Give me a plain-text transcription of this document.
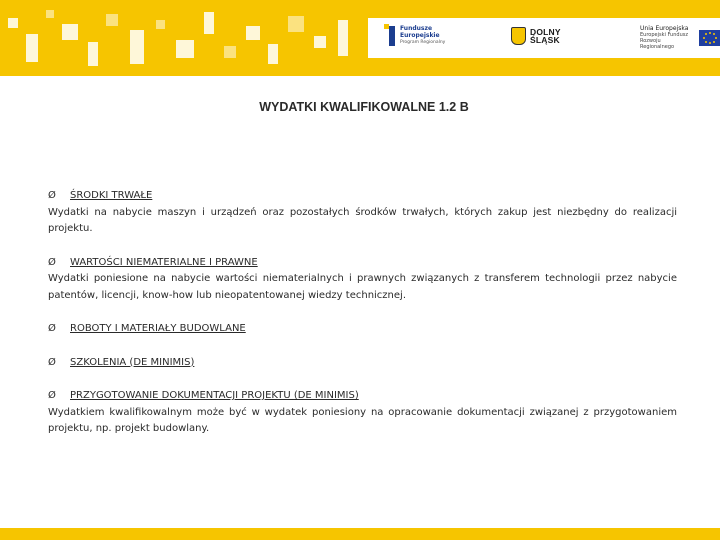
Fundusze
Europejskie
Program Regionalny
DOLNY
ŚLĄSK
Unia Europejska
Europejski Fundusz
Rozwoju Regionalnego
WYDATKI KWALIFIKOWALNE 1.2 B
Ø	ŚRODKI TRWAŁE

Wydatki na nabycie maszyn i urządzeń oraz pozostałych środków trwałych, których zakup jest niezbędny do realizacji projektu.

Ø	WARTOŚCI NIEMATERIALNE I PRAWNE

Wydatki poniesione na nabycie wartości niematerialnych i prawnych związanych z transferem technologii przez nabycie patentów, licencji, know-how lub nieopatentowanej wiedzy technicznej.

Ø	ROBOTY I MATERIAŁY BUDOWLANE
Ø	SZKOLENIA (DE MINIMIS)
Ø	PRZYGOTOWANIE DOKUMENTACJI PROJEKTU (DE MINIMIS)

Wydatkiem kwalifikowalnym może być w wydatek poniesiony na opracowanie dokumentacji związanej z przygotowaniem projektu, np. projekt budowlany.
